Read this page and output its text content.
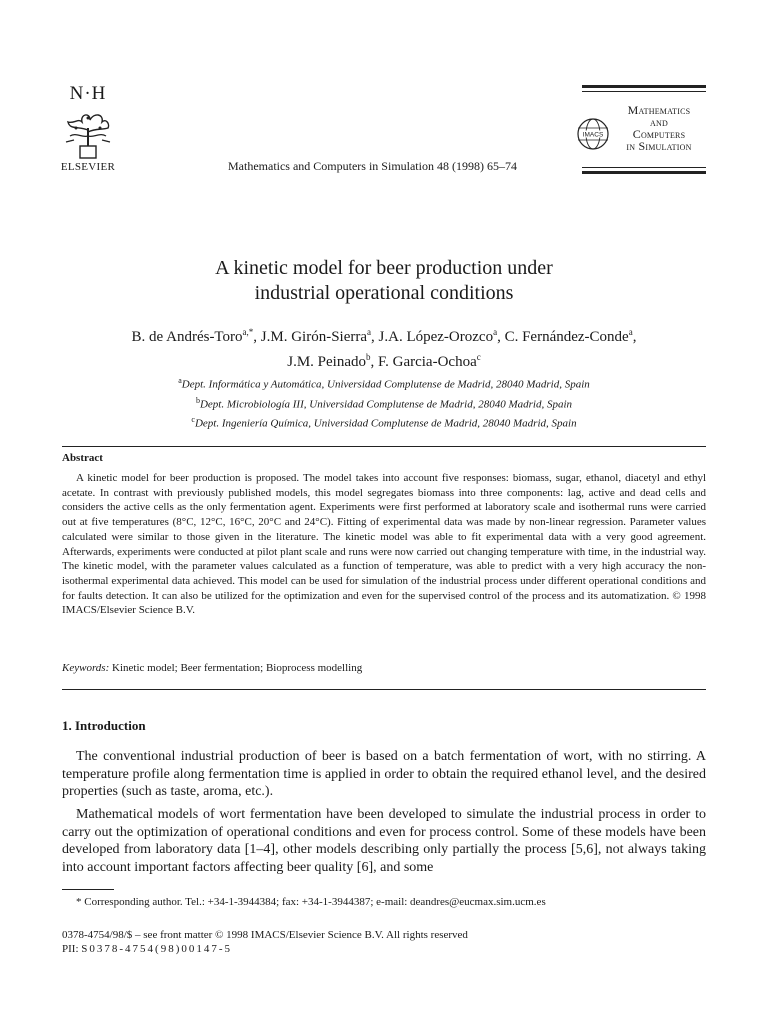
N·H
ELSEVIER	Mathematics and Computers in Simulation 48 (1998) 65–74
Mathematics
and
Computers
in Simulation
IMACS
A kinetic model for beer production under
industrial operational conditions
B. de Andrés-Toro$^{a,*}$, J.M. Girón-Sierra$^a$, J.A. López-Orozco$^a$, C. Fernández-Conde$^a$,
J.M. Peinado$^b$, F. Garcia-Ochoa$^c$
$^a$Dept. Informática y Automática, Universidad Complutense de Madrid, 28040 Madrid, Spain
$^b$Dept. Microbiología III, Universidad Complutense de Madrid, 28040 Madrid, Spain
$^c$Dept. Ingeniería Química, Universidad Complutense de Madrid, 28040 Madrid, Spain
Abstract
A kinetic model for beer production is proposed. The model takes into account five responses: biomass, sugar, ethanol, diacetyl and ethyl acetate. In contrast with previously published models, this model segregates biomass into three components: lag, active and dead cells and considers the active cells as the only fermentation agent. Experiments were first performed at laboratory scale and isothermal runs were carried out at five temperatures (8°C, 12°C, 16°C, 20°C and 24°C). Fitting of experimental data was made by non-linear regression. Parameter values calculated were similar to those given in the literature. The kinetic model was able to fit experimental data with a very good agreement. Afterwards, experiments were conducted at pilot plant scale and runs were now carried out changing temperature with time, in the industrial way. The kinetic model, with the parameter values calculated as a function of temperature, was able to predict with a very high accuracy the non-isothermal experimental data achieved. This model can be used for simulation of the industrial process under different operational conditions and for faults detection. It can also be utilized for the optimization and even for the supervised control of the process and its automatization. © 1998 IMACS/Elsevier Science B.V.
Keywords: Kinetic model; Beer fermentation; Bioprocess modelling
1. Introduction
The conventional industrial production of beer is based on a batch fermentation of wort, with no stirring. A temperature profile along fermentation time is applied in order to obtain the required ethanol level, and the desired properties (such as taste, aroma, etc.).
Mathematical models of wort fermentation have been developed to simulate the industrial process in order to carry out the optimization of operational conditions and even for process control. Some of these models have been developed from laboratory data [1–4], other models describing only partially the process [5,6], not always taking into account important factors affecting beer quality [6], and some
* Corresponding author. Tel.: +34-1-3944384; fax: +34-1-3944387; e-mail: deandres@eucmax.sim.ucm.es
0378-4754/98/$ – see front matter © 1998 IMACS/Elsevier Science B.V. All rights reserved
PII: S0378-4754(98)00147-5
